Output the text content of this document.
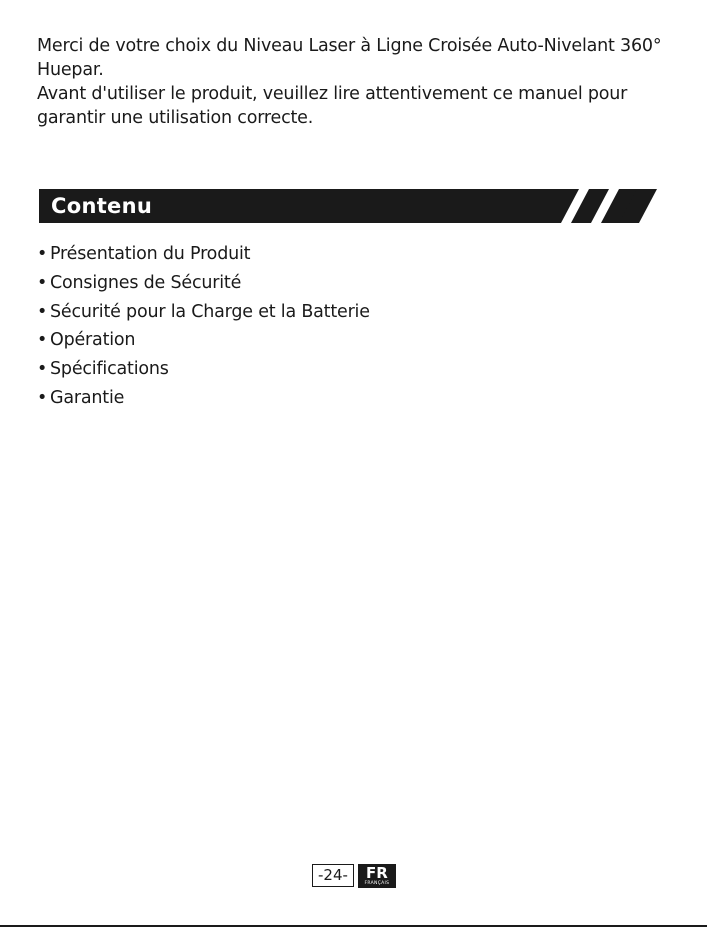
Merci de votre choix du Niveau Laser à Ligne Croisée Auto-Nivelant 360° Huepar.

Avant d'utiliser le produit, veuillez lire attentivement ce manuel pour garantir une utilisation correcte.

Contenu
• Présentation du Produit
• Consignes de Sécurité
• Sécurité pour la Charge et la Batterie
• Opération
• Spécifications
• Garantie
-24-	FR
FRANÇAIS
